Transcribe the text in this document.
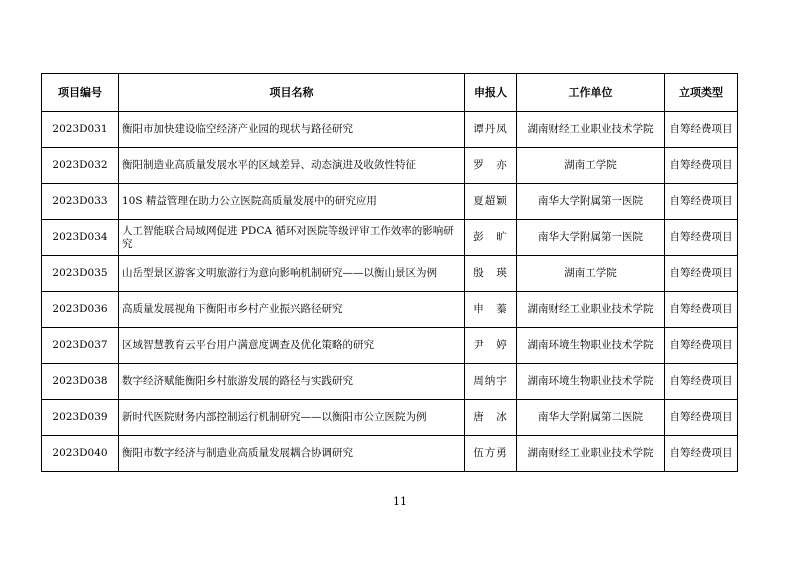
项目编号	项目名称	申报人	工作单位	立项类型
2023D031	衡阳市加快建设临空经济产业园的现状与路径研究	谭丹凤	湖南财经工业职业技术学院	自筹经费项目
2023D032	衡阳制造业高质量发展水平的区域差异、动态演进及收敛性特征	罗　亦	湖南工学院	自筹经费项目
2023D033	10S 精益管理在助力公立医院高质量发展中的研究应用	夏超颖	南华大学附属第一医院	自筹经费项目
2023D034	人工智能联合局域网促进 PDCA 循环对医院等级评审工作效率的影响研究	彭　旷	南华大学附属第一医院	自筹经费项目
2023D035	山岳型景区游客文明旅游行为意向影响机制研究——以衡山景区为例	殷　瑛	湖南工学院	自筹经费项目
2023D036	高质量发展视角下衡阳市乡村产业振兴路径研究	申　蓁	湖南财经工业职业技术学院	自筹经费项目
2023D037	区域智慧教育云平台用户满意度调查及优化策略的研究	尹　婷	湖南环境生物职业技术学院	自筹经费项目
2023D038	数字经济赋能衡阳乡村旅游发展的路径与实践研究	周纳宇	湖南环境生物职业技术学院	自筹经费项目
2023D039	新时代医院财务内部控制运行机制研究——以衡阳市公立医院为例	唐　冰	南华大学附属第二医院	自筹经费项目
2023D040	衡阳市数字经济与制造业高质量发展耦合协调研究	伍方勇	湖南财经工业职业技术学院	自筹经费项目
11
